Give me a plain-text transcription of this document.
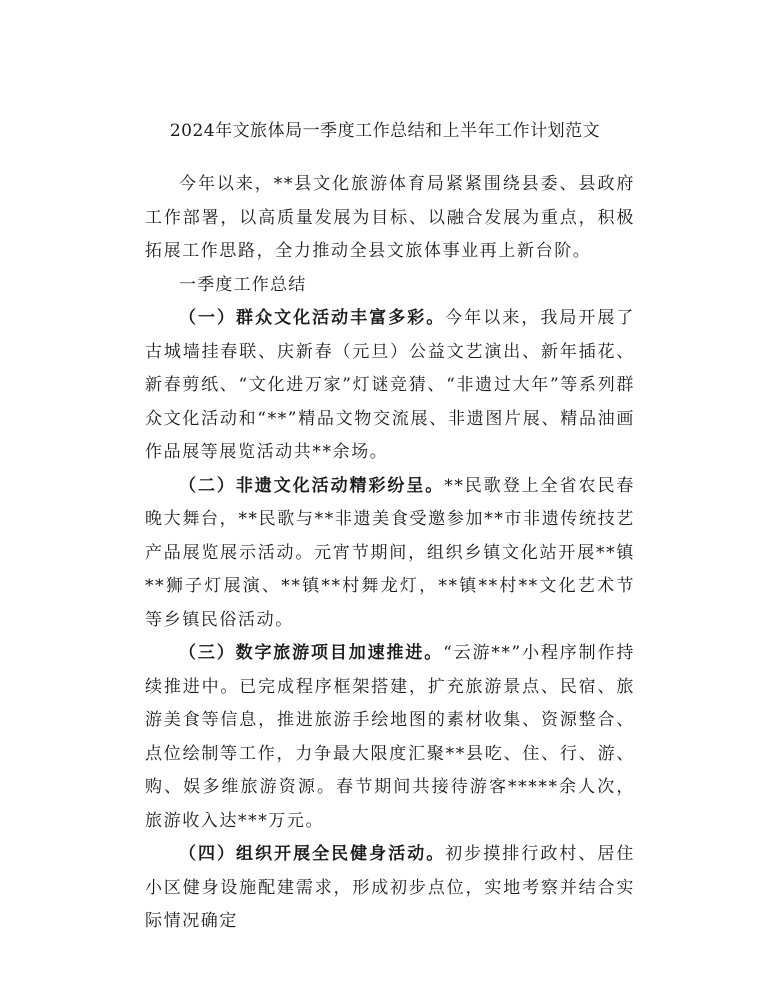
2024年文旅体局一季度工作总结和上半年工作计划范文

今年以来，**县文化旅游体育局紧紧围绕县委、县政府工作部署，以高质量发展为目标、以融合发展为重点，积极拓展工作思路，全力推动全县文旅体事业再上新台阶。

一季度工作总结

（一）群众文化活动丰富多彩。今年以来，我局开展了古城墙挂春联、庆新春（元旦）公益文艺演出、新年插花、新春剪纸、“文化进万家”灯谜竞猜、“非遗过大年”等系列群众文化活动和“**”精品文物交流展、非遗图片展、精品油画作品展等展览活动共**余场。

（二）非遗文化活动精彩纷呈。**民歌登上全省农民春晚大舞台，**民歌与**非遗美食受邀参加**市非遗传统技艺产品展览展示活动。元宵节期间，组织乡镇文化站开展**镇**狮子灯展演、**镇**村舞龙灯，**镇**村**文化艺术节等乡镇民俗活动。

（三）数字旅游项目加速推进。“云游**”小程序制作持续推进中。已完成程序框架搭建，扩充旅游景点、民宿、旅游美食等信息，推进旅游手绘地图的素材收集、资源整合、点位绘制等工作，力争最大限度汇聚**县吃、住、行、游、购、娱多维旅游资源。春节期间共接待游客*****余人次，旅游收入达***万元。

（四）组织开展全民健身活动。初步摸排行政村、居住小区健身设施配建需求，形成初步点位，实地考察并结合实际情况确定
